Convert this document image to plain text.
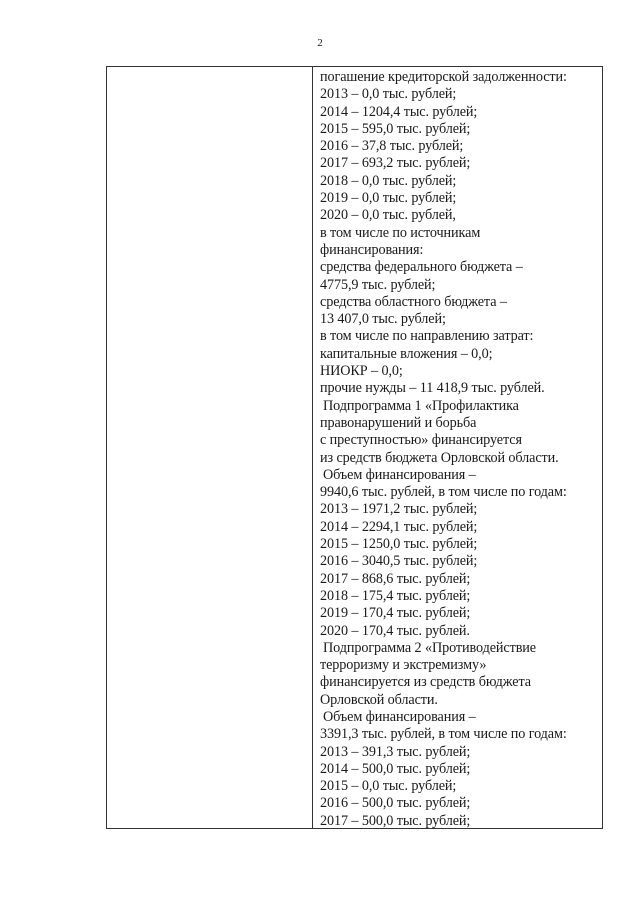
2
погашение кредиторской задолженности:
2013 – 0,0 тыс. рублей;
2014 – 1204,4 тыс. рублей;
2015 – 595,0 тыс. рублей;
2016 – 37,8 тыс. рублей;
2017 – 693,2 тыс. рублей;
2018 – 0,0 тыс. рублей;
2019 – 0,0 тыс. рублей;
2020 – 0,0 тыс. рублей,
в том числе по источникам
финансирования:
средства федерального бюджета –
4775,9 тыс. рублей;
средства областного бюджета –
13 407,0 тыс. рублей;
в том числе по направлению затрат:
капитальные вложения – 0,0;
НИОКР – 0,0;
прочие нужды – 11 418,9 тыс. рублей.
Подпрограмма 1 «Профилактика
правонарушений и борьба
с преступностью» финансируется
из средств бюджета Орловской области.
Объем финансирования –
9940,6 тыс. рублей, в том числе по годам:
2013 – 1971,2 тыс. рублей;
2014 – 2294,1 тыс. рублей;
2015 – 1250,0 тыс. рублей;
2016 – 3040,5 тыс. рублей;
2017 – 868,6 тыс. рублей;
2018 – 175,4 тыс. рублей;
2019 – 170,4 тыс. рублей;
2020 – 170,4 тыс. рублей.
Подпрограмма 2 «Противодействие
терроризму и экстремизму»
финансируется из средств бюджета
Орловской области.
Объем финансирования –
3391,3 тыс. рублей, в том числе по годам:
2013 – 391,3 тыс. рублей;
2014 – 500,0 тыс. рублей;
2015 – 0,0 тыс. рублей;
2016 – 500,0 тыс. рублей;
2017 – 500,0 тыс. рублей;
